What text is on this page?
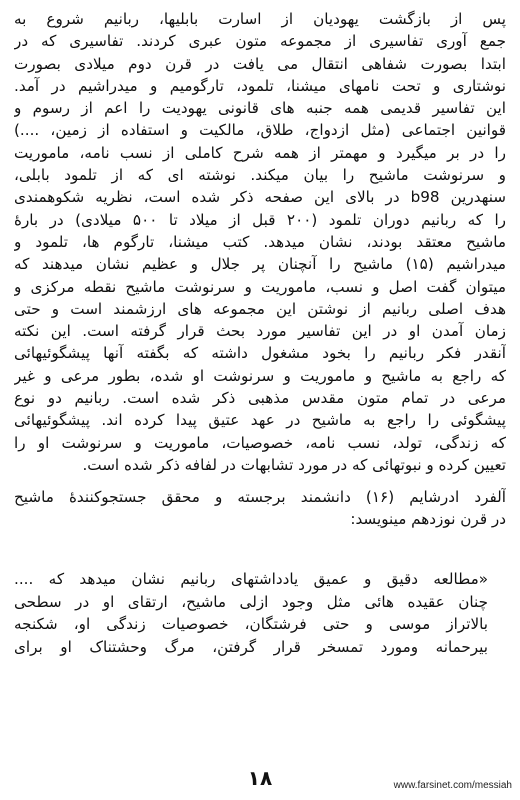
پس از بازگشت یهودیان از اسارت بابلیها، ربانیم شروع به
جمع آوری تفاسیری از مجموعه متون عبری کردند. تفاسیری که در
ابتدا بصورت شفاهی انتقال می یافت در قرن دوم میلادی بصورت
نوشتاری و تحت نامهای میشنا، تلمود، تارگومیم و میدراشیم در آمد.
این تفاسیر قدیمی همه جنبه های قانونی یهودیت را اعم از رسوم و
قوانین اجتماعی (مثل ازدواج، طلاق، مالکیت و استفاده از زمین، ....)
را در بر میگیرد و مهمتر از همه شرح کاملی از نسب نامه، ماموریت
و سرنوشت ماشیح را بیان میکند. نوشته ای که از تلمود بابلی،
سنهدرین b98 در بالای این صفحه ذکر شده است، نظریه شکوهمندی
را که ربانیم دوران تلمود (۲۰۰ قبل از میلاد تا ۵۰۰ میلادی) در بارهٔ
ماشیح معتقد بودند، نشان میدهد. کتب میشنا، تارگوم ها، تلمود و
میدراشیم (۱۵) ماشیح را آنچنان پر جلال و عظیم نشان میدهند که
میتوان گفت اصل و نسب، ماموریت و سرنوشت ماشیح نقطه مرکزی و
هدف اصلی ربانیم از نوشتن این مجموعه های ارزشمند است و حتی
زمان آمدن او در این تفاسیر مورد بحث قرار گرفته است. این نکته
آنقدر فکر ربانیم را بخود مشغول داشته که بگفته آنها پیشگوئیهائی
که راجع به ماشیح و ماموریت و سرنوشت او شده، بطور مرعی و غیر
مرعی در تمام متون مقدس مذهبی ذکر شده است. ربانیم دو نوع
پیشگوئی را راجع به ماشیح در عهد عتیق پیدا کرده اند. پیشگوئیهائی
که زندگی، تولد، نسب نامه، خصوصیات، ماموریت و سرنوشت او را
تعیین کرده و نبوتهائی که در مورد تشابهات در لفافه ذکر شده است.
آلفرد ادرشایم (۱۶) دانشمند برجسته و محقق جستجوکنندهٔ ماشیح
در قرن نوزدهم مینویسد:
«مطالعه دقیق و عمیق یادداشتهای ربانیم نشان میدهد که ....
چنان عقیده هائی مثل وجود ازلی ماشیح، ارتقای او در سطحی
بالاتراز موسی و حتی فرشتگان، خصوصیات زندگی او، شکنجه
بیرحمانه ومورد تمسخر قرار گرفتن، مرگ وحشتناک او برای
۱۸	www.farsinet.com/messiah
